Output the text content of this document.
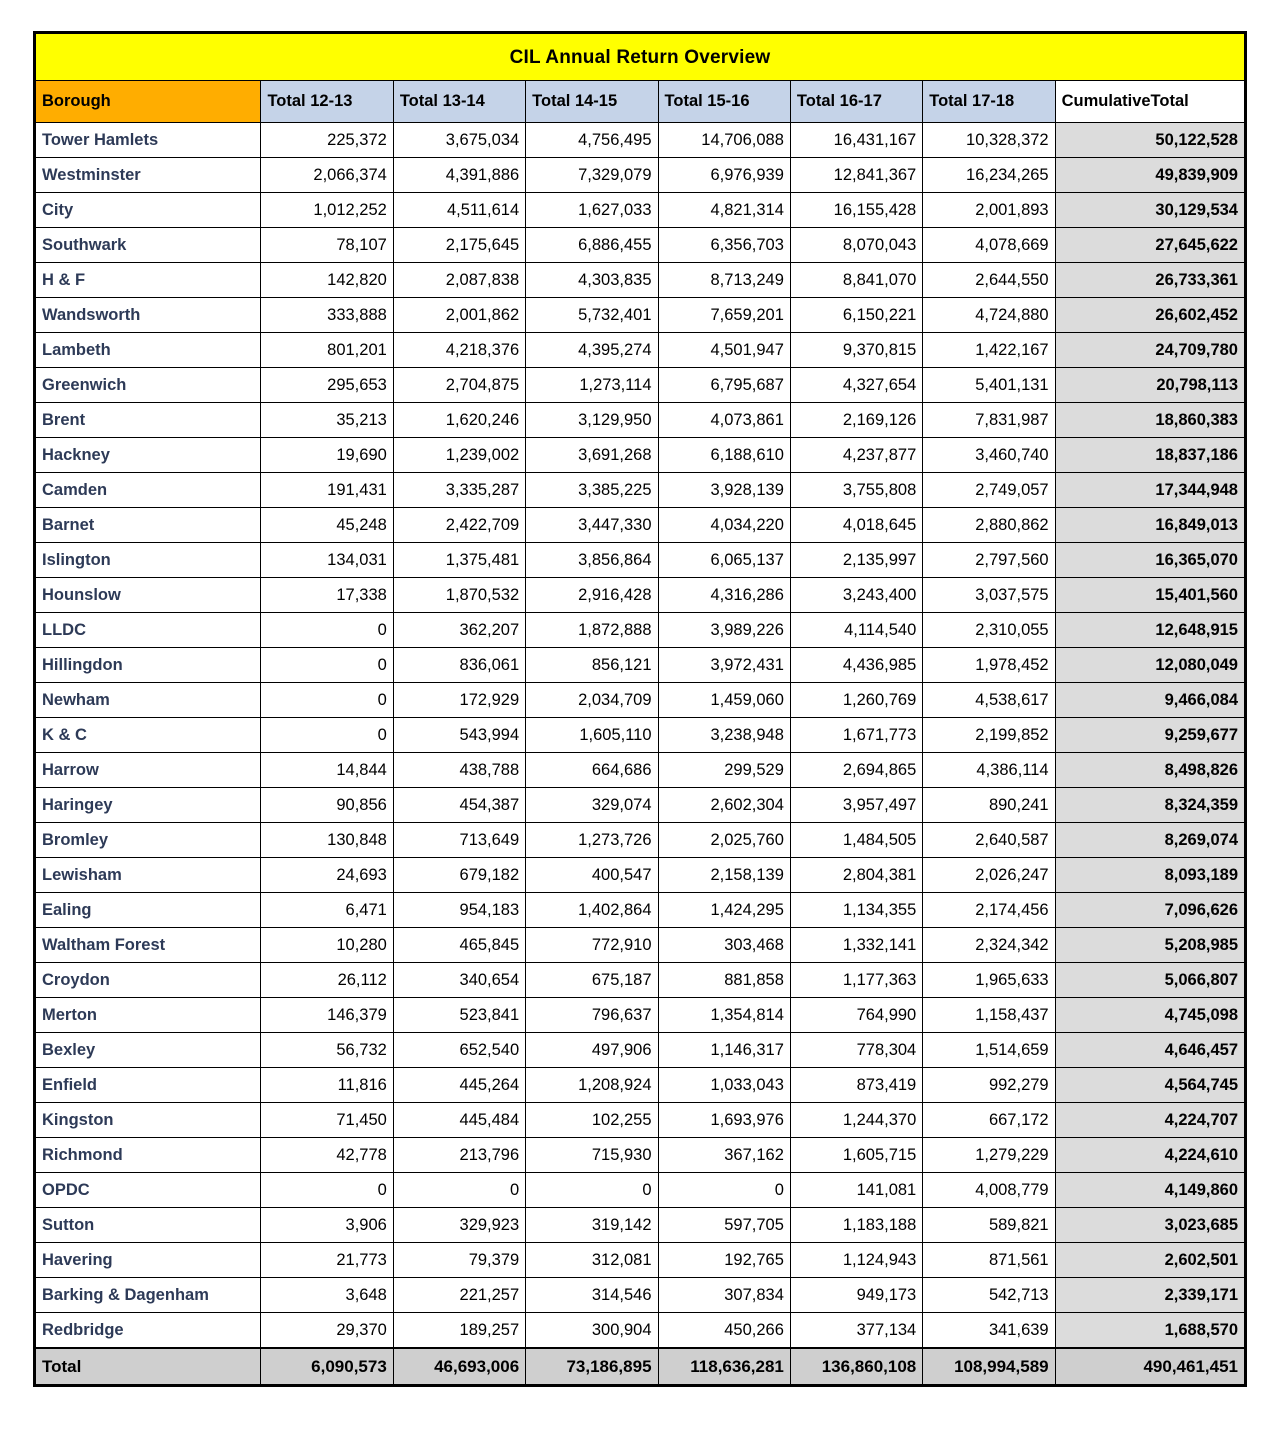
CIL Annual Return Overview							
Borough	Total 12-13	Total 13-14	Total 14-15	Total 15-16	Total 16-17	Total 17-18	CumulativeTotal
Tower Hamlets	225,372	3,675,034	4,756,495	14,706,088	16,431,167	10,328,372	50,122,528
Westminster	2,066,374	4,391,886	7,329,079	6,976,939	12,841,367	16,234,265	49,839,909
City	1,012,252	4,511,614	1,627,033	4,821,314	16,155,428	2,001,893	30,129,534
Southwark	78,107	2,175,645	6,886,455	6,356,703	8,070,043	4,078,669	27,645,622
H & F	142,820	2,087,838	4,303,835	8,713,249	8,841,070	2,644,550	26,733,361
Wandsworth	333,888	2,001,862	5,732,401	7,659,201	6,150,221	4,724,880	26,602,452
Lambeth	801,201	4,218,376	4,395,274	4,501,947	9,370,815	1,422,167	24,709,780
Greenwich	295,653	2,704,875	1,273,114	6,795,687	4,327,654	5,401,131	20,798,113
Brent	35,213	1,620,246	3,129,950	4,073,861	2,169,126	7,831,987	18,860,383
Hackney	19,690	1,239,002	3,691,268	6,188,610	4,237,877	3,460,740	18,837,186
Camden	191,431	3,335,287	3,385,225	3,928,139	3,755,808	2,749,057	17,344,948
Barnet	45,248	2,422,709	3,447,330	4,034,220	4,018,645	2,880,862	16,849,013
Islington	134,031	1,375,481	3,856,864	6,065,137	2,135,997	2,797,560	16,365,070
Hounslow	17,338	1,870,532	2,916,428	4,316,286	3,243,400	3,037,575	15,401,560
LLDC	0	362,207	1,872,888	3,989,226	4,114,540	2,310,055	12,648,915
Hillingdon	0	836,061	856,121	3,972,431	4,436,985	1,978,452	12,080,049
Newham	0	172,929	2,034,709	1,459,060	1,260,769	4,538,617	9,466,084
K & C	0	543,994	1,605,110	3,238,948	1,671,773	2,199,852	9,259,677
Harrow	14,844	438,788	664,686	299,529	2,694,865	4,386,114	8,498,826
Haringey	90,856	454,387	329,074	2,602,304	3,957,497	890,241	8,324,359
Bromley	130,848	713,649	1,273,726	2,025,760	1,484,505	2,640,587	8,269,074
Lewisham	24,693	679,182	400,547	2,158,139	2,804,381	2,026,247	8,093,189
Ealing	6,471	954,183	1,402,864	1,424,295	1,134,355	2,174,456	7,096,626
Waltham Forest	10,280	465,845	772,910	303,468	1,332,141	2,324,342	5,208,985
Croydon	26,112	340,654	675,187	881,858	1,177,363	1,965,633	5,066,807
Merton	146,379	523,841	796,637	1,354,814	764,990	1,158,437	4,745,098
Bexley	56,732	652,540	497,906	1,146,317	778,304	1,514,659	4,646,457
Enfield	11,816	445,264	1,208,924	1,033,043	873,419	992,279	4,564,745
Kingston	71,450	445,484	102,255	1,693,976	1,244,370	667,172	4,224,707
Richmond	42,778	213,796	715,930	367,162	1,605,715	1,279,229	4,224,610
OPDC	0	0	0	0	141,081	4,008,779	4,149,860
Sutton	3,906	329,923	319,142	597,705	1,183,188	589,821	3,023,685
Havering	21,773	79,379	312,081	192,765	1,124,943	871,561	2,602,501
Barking & Dagenham	3,648	221,257	314,546	307,834	949,173	542,713	2,339,171
Redbridge	29,370	189,257	300,904	450,266	377,134	341,639	1,688,570
Total	6,090,573	46,693,006	73,186,895	118,636,281	136,860,108	108,994,589	490,461,451
